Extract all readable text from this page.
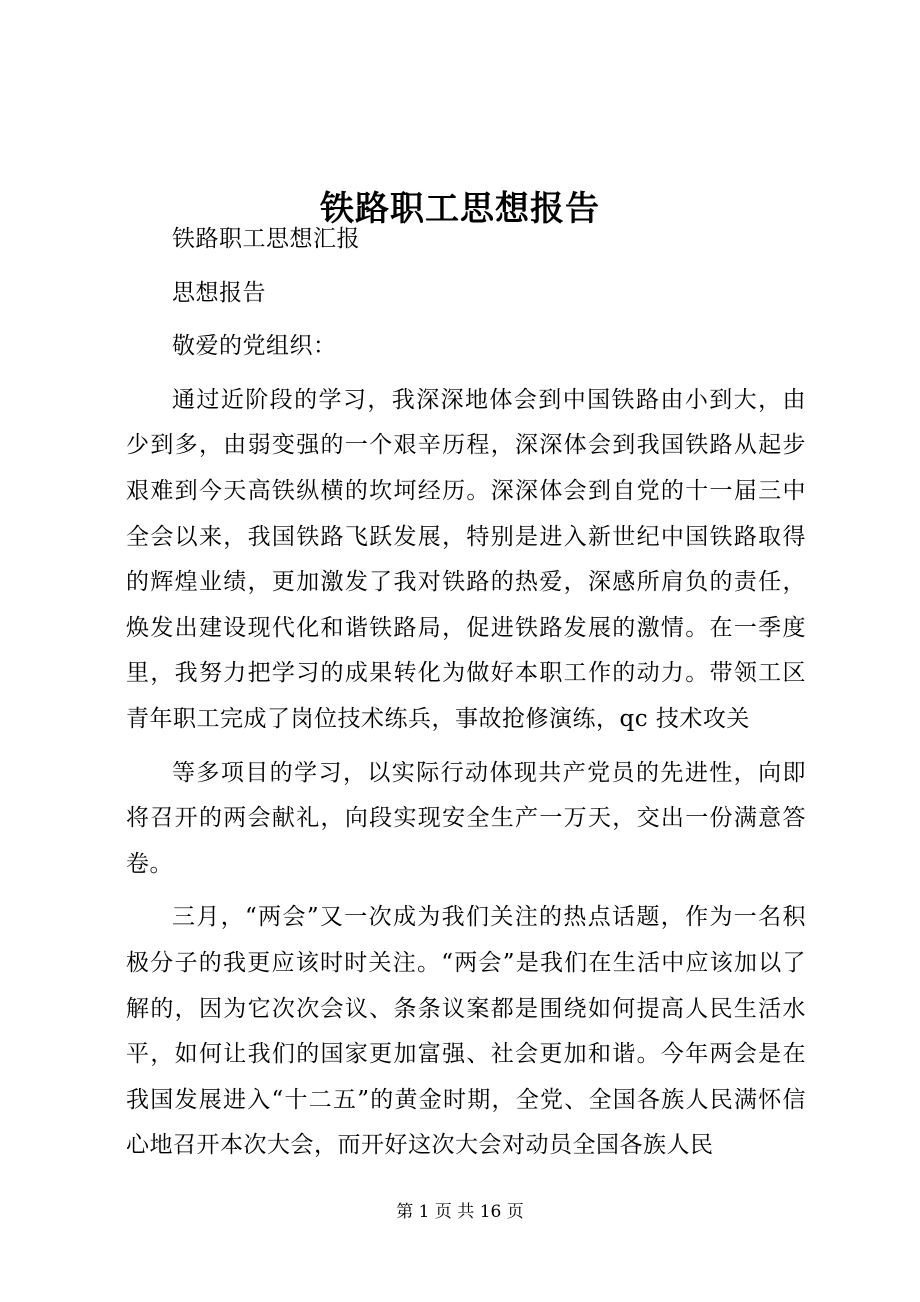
铁路职工思想报告

铁路职工思想汇报

思想报告

敬爱的党组织：

通过近阶段的学习，我深深地体会到中国铁路由小到大，由少到多，由弱变强的一个艰辛历程，深深体会到我国铁路从起步艰难到今天高铁纵横的坎坷经历。深深体会到自党的十一届三中全会以来，我国铁路飞跃发展，特别是进入新世纪中国铁路取得的辉煌业绩，更加激发了我对铁路的热爱，深感所肩负的责任，焕发出建设现代化和谐铁路局，促进铁路发展的激情。在一季度里，我努力把学习的成果转化为做好本职工作的动力。带领工区青年职工完成了岗位技术练兵，事故抢修演练，qc 技术攻关

等多项目的学习，以实际行动体现共产党员的先进性，向即将召开的两会献礼，向段实现安全生产一万天，交出一份满意答卷。

三月，“两会”又一次成为我们关注的热点话题，作为一名积极分子的我更应该时时关注。“两会”是我们在生活中应该加以了解的，因为它次次会议、条条议案都是围绕如何提高人民生活水平，如何让我们的国家更加富强、社会更加和谐。今年两会是在我国发展进入“十二五”的黄金时期，全党、全国各族人民满怀信心地召开本次大会，而开好这次大会对动员全国各族人民

第 1 页 共 16 页
